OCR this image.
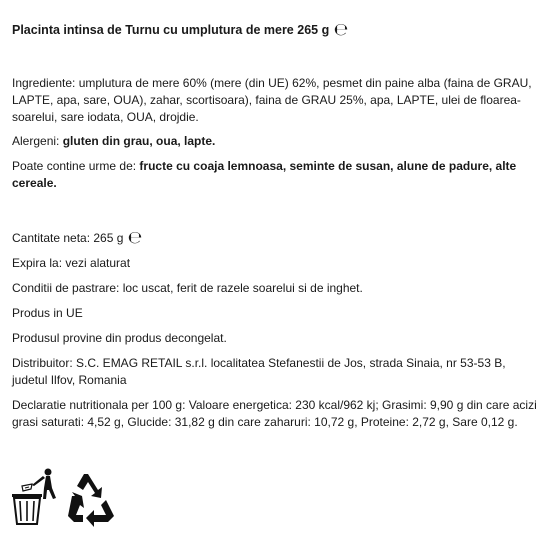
Placinta intinsa de Turnu cu umplutura de mere 265 g ℮

Ingrediente: umplutura de mere 60% (mere (din UE) 62%, pesmet din paine alba (faina de GRAU, LAPTE, apa, sare, OUA), zahar, scortisoara), faina de GRAU 25%, apa, LAPTE, ulei de floarea-soarelui, sare iodata, OUA, drojdie.

Alergeni: gluten din grau, oua, lapte.

Poate contine urme de: fructe cu coaja lemnoasa, seminte de susan, alune de padure, alte cereale.

Cantitate neta: 265 g ℮

Expira la: vezi alaturat

Conditii de pastrare: loc uscat, ferit de razele soarelui si de inghet.

Produs in UE

Produsul provine din produs decongelat.

Distribuitor: S.C. EMAG RETAIL s.r.l. localitatea Stefanestii de Jos, strada Sinaia, nr 53-53 B, judetul Ilfov, Romania

Declaratie nutritionala per 100 g: Valoare energetica: 230 kcal/962 kj; Grasimi: 9,90 g din care acizi grasi saturati: 4,52 g, Glucide: 31,82 g din care zaharuri: 10,72 g, Proteine: 2,72 g, Sare 0,12 g.
